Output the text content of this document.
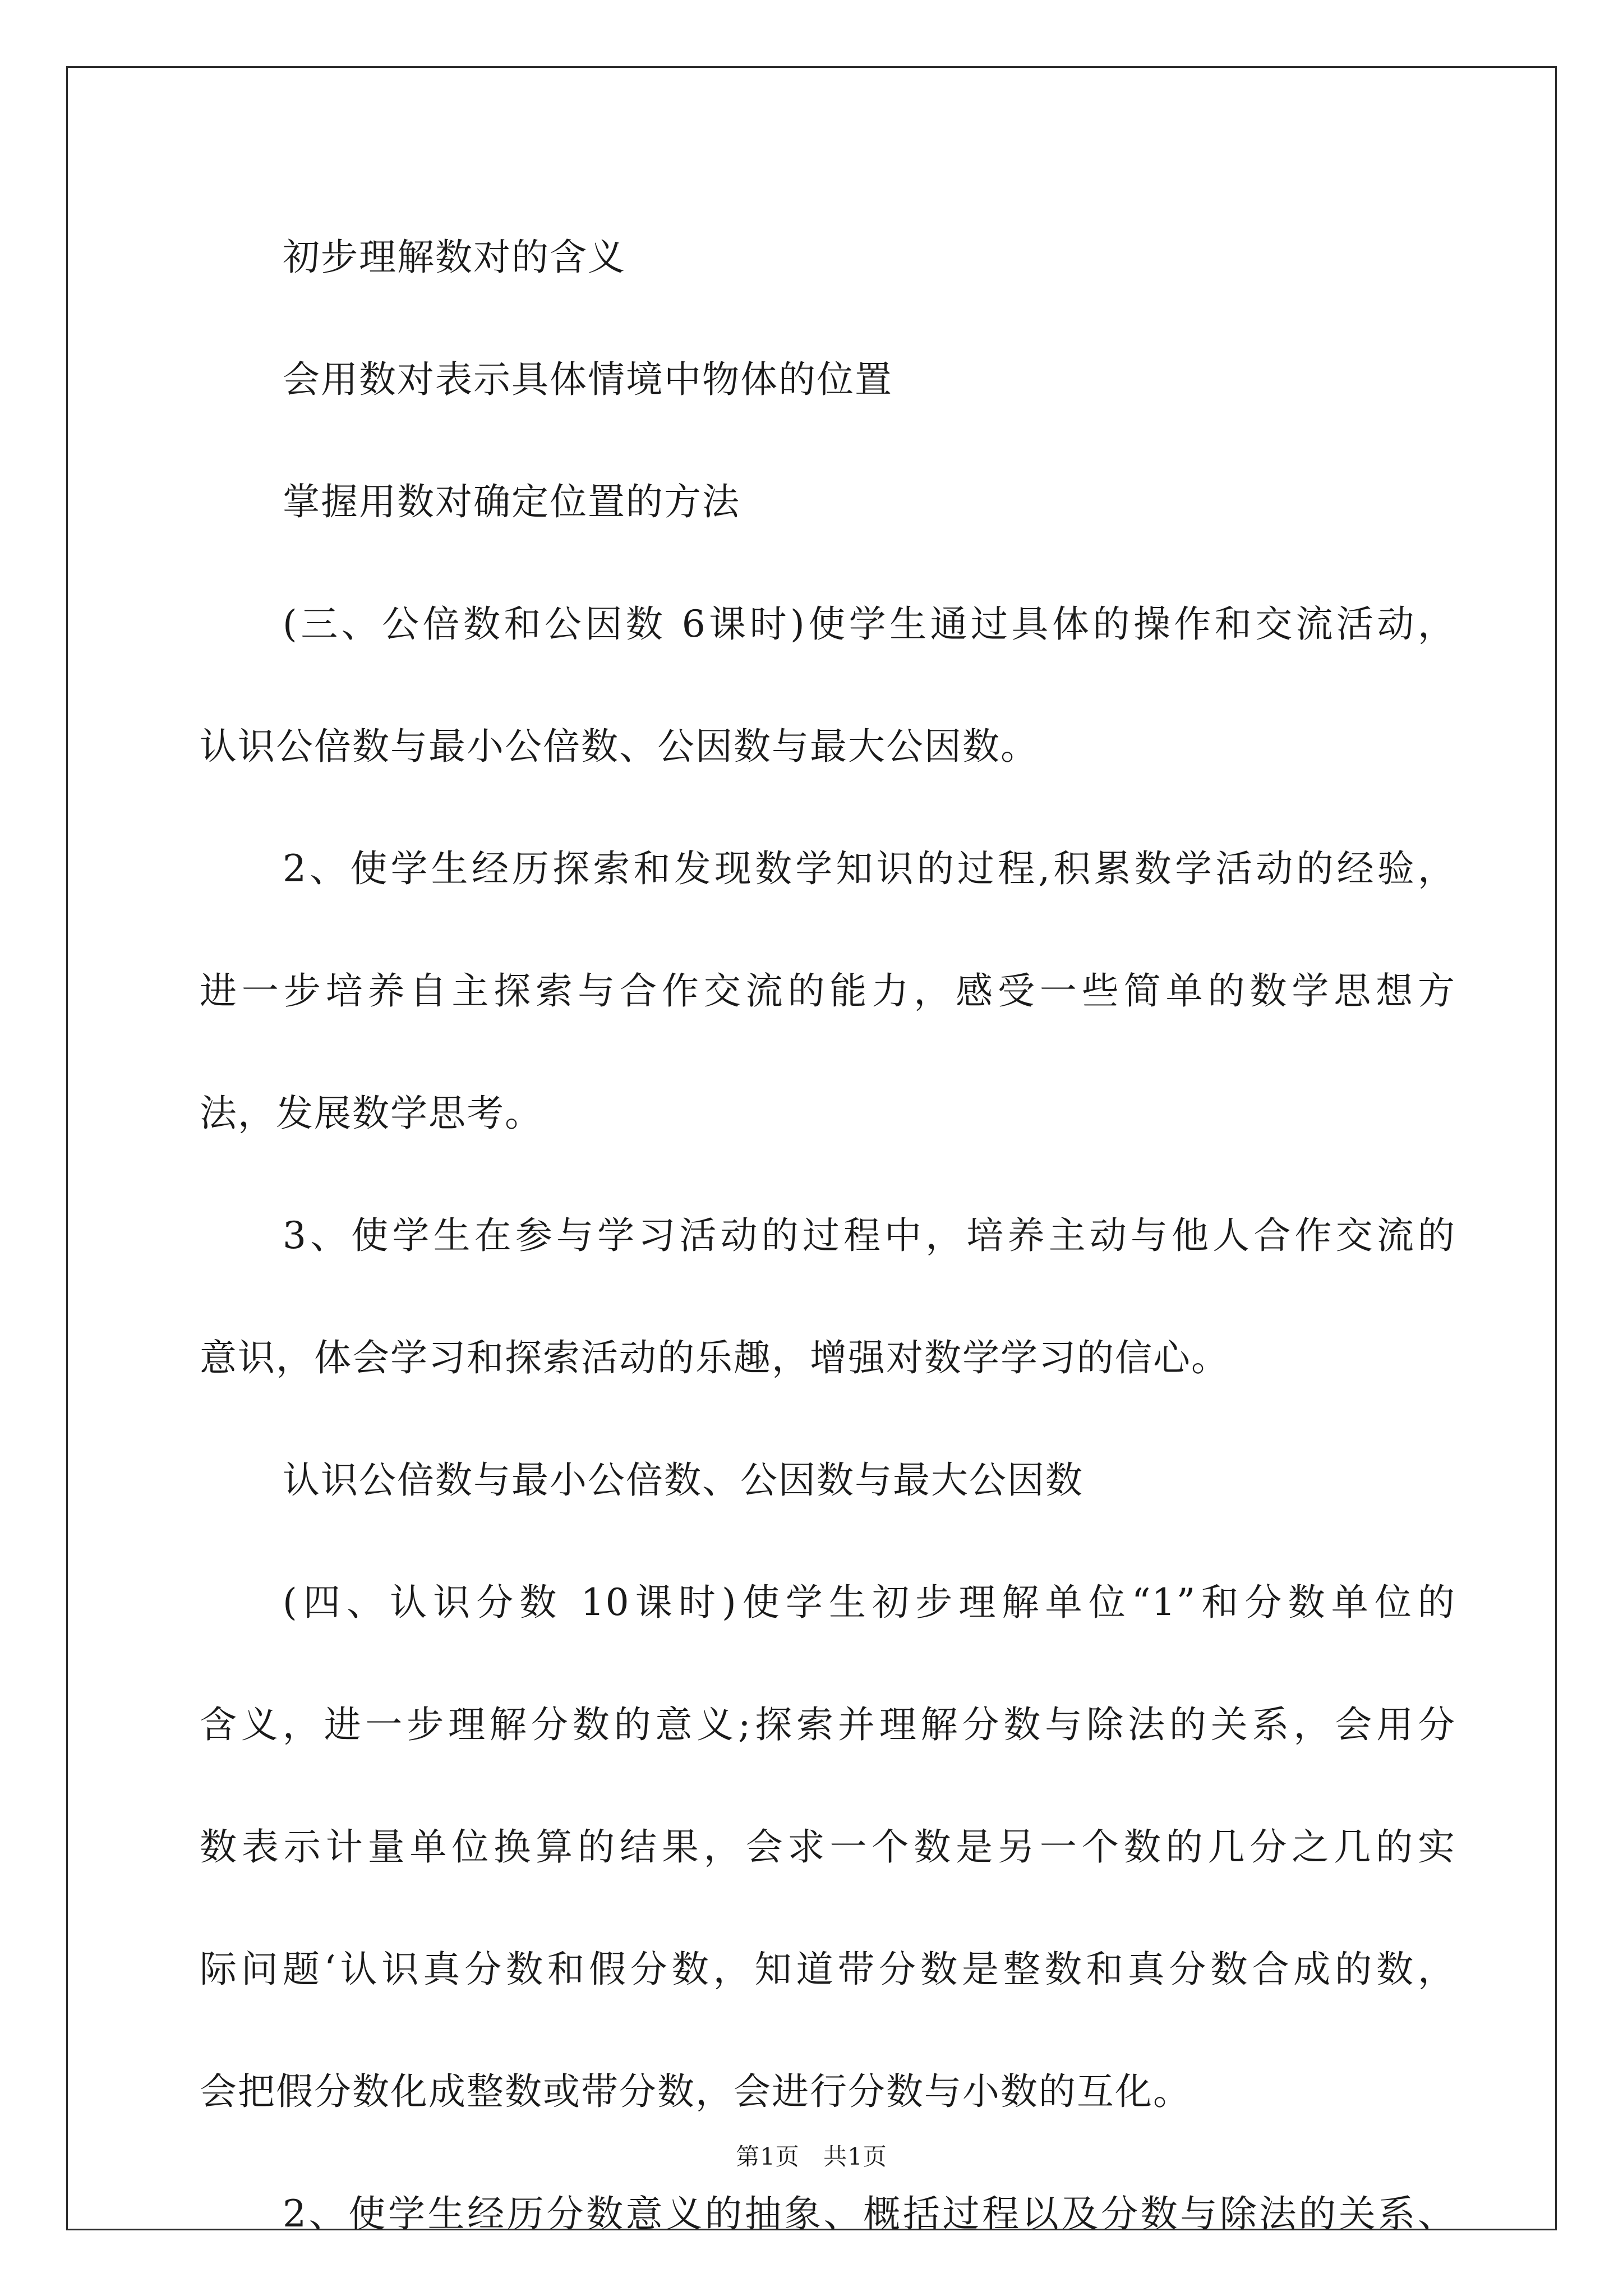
初步理解数对的含义
会用数对表示具体情境中物体的位置
掌握用数对确定位置的方法
(三、公倍数和公因数 6课时)使学生通过具体的操作和交流活动，
认识公倍数与最小公倍数、公因数与最大公因数。
2、使学生经历探索和发现数学知识的过程,积累数学活动的经验，
进一步培养自主探索与合作交流的能力，感受一些简单的数学思想方
法，发展数学思考。
3、使学生在参与学习活动的过程中，培养主动与他人合作交流的
意识，体会学习和探索活动的乐趣，增强对数学学习的信心。
认识公倍数与最小公倍数、公因数与最大公因数
(四、认识分数 10课时)使学生初步理解单位“1”和分数单位的
含义，进一步理解分数的意义;探索并理解分数与除法的关系，会用分
数表示计量单位换算的结果，会求一个数是另一个数的几分之几的实
际问题‘认识真分数和假分数，知道带分数是整数和真分数合成的数，
会把假分数化成整数或带分数，会进行分数与小数的互化。
2、使学生经历分数意义的抽象、概括过程以及分数与除法的关系、
第1页 共1页
